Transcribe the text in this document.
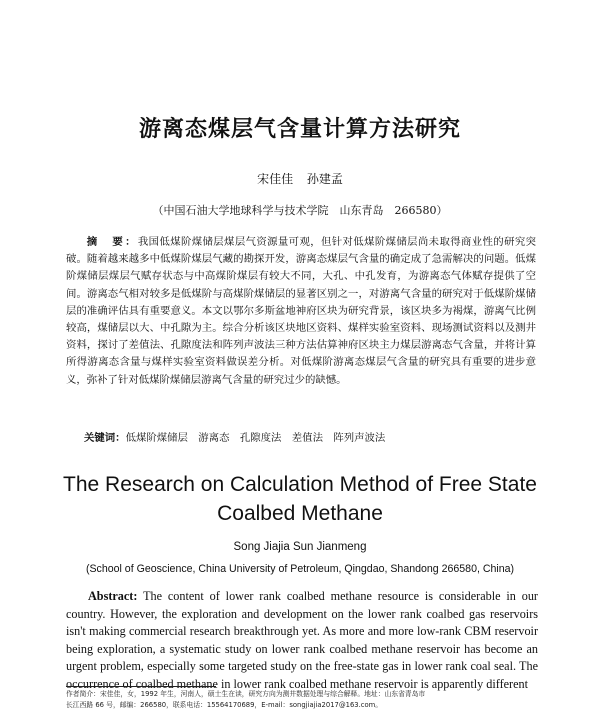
游离态煤层气含量计算方法研究
宋佳佳 孙建孟
（中国石油大学地球科学与技术学院　山东青岛　266580）
摘　要：我国低煤阶煤储层煤层气资源量可观，但针对低煤阶煤储层尚未取得商业性的研究突破。随着越来越多中低煤阶煤层气藏的勘探开发，游离态煤层气含量的确定成了急需解决的问题。低煤阶煤储层煤层气赋存状态与中高煤阶煤层有较大不同，大孔、中孔发育，为游离态气体赋存提供了空间。游离态气相对较多是低煤阶与高煤阶煤储层的显著区别之一，对游离气含量的研究对于低煤阶煤储层的准确评估具有重要意义。本文以鄂尔多斯盆地神府区块为研究背景，该区块多为褐煤，游离气比例较高，煤储层以大、中孔隙为主。综合分析该区块地区资料、煤样实验室资料、现场测试资料以及测井资料，探讨了差值法、孔隙度法和阵列声波法三种方法估算神府区块主力煤层游离态气含量，并将计算所得游离态含量与煤样实验室资料做误差分析。对低煤阶游离态煤层气含量的研究具有重要的进步意义，弥补了针对低煤阶煤储层游离气含量的研究过少的缺憾。
关键词：低煤阶煤储层　游离态　孔隙度法　差值法　阵列声波法
The Research on Calculation Method of Free State Coalbed Methane
Song Jiajia Sun Jianmeng
(School of Geoscience, China University of Petroleum, Qingdao, Shandong 266580, China)
Abstract: The content of lower rank coalbed methane resource is considerable in our country. However, the exploration and development on the lower rank coalbed gas reservoirs isn't making commercial research breakthrough yet. As more and more low-rank CBM reservoir being exploration, a systematic study on lower rank coalbed methane reservoir has become an urgent problem, especially some targeted study on the free-state gas in lower rank coal seal. The occurrence of coalbed methane in lower rank coalbed methane reservoir is apparently different
作者简介：宋佳佳，女，1992 年生，河南人，硕士生在读，研究方向为测井数据处理与综合解释。地址：山东省青岛市
长江西路 66 号，邮编：266580，联系电话：15564170689，E-mail：songjiajia2017@163.com。
